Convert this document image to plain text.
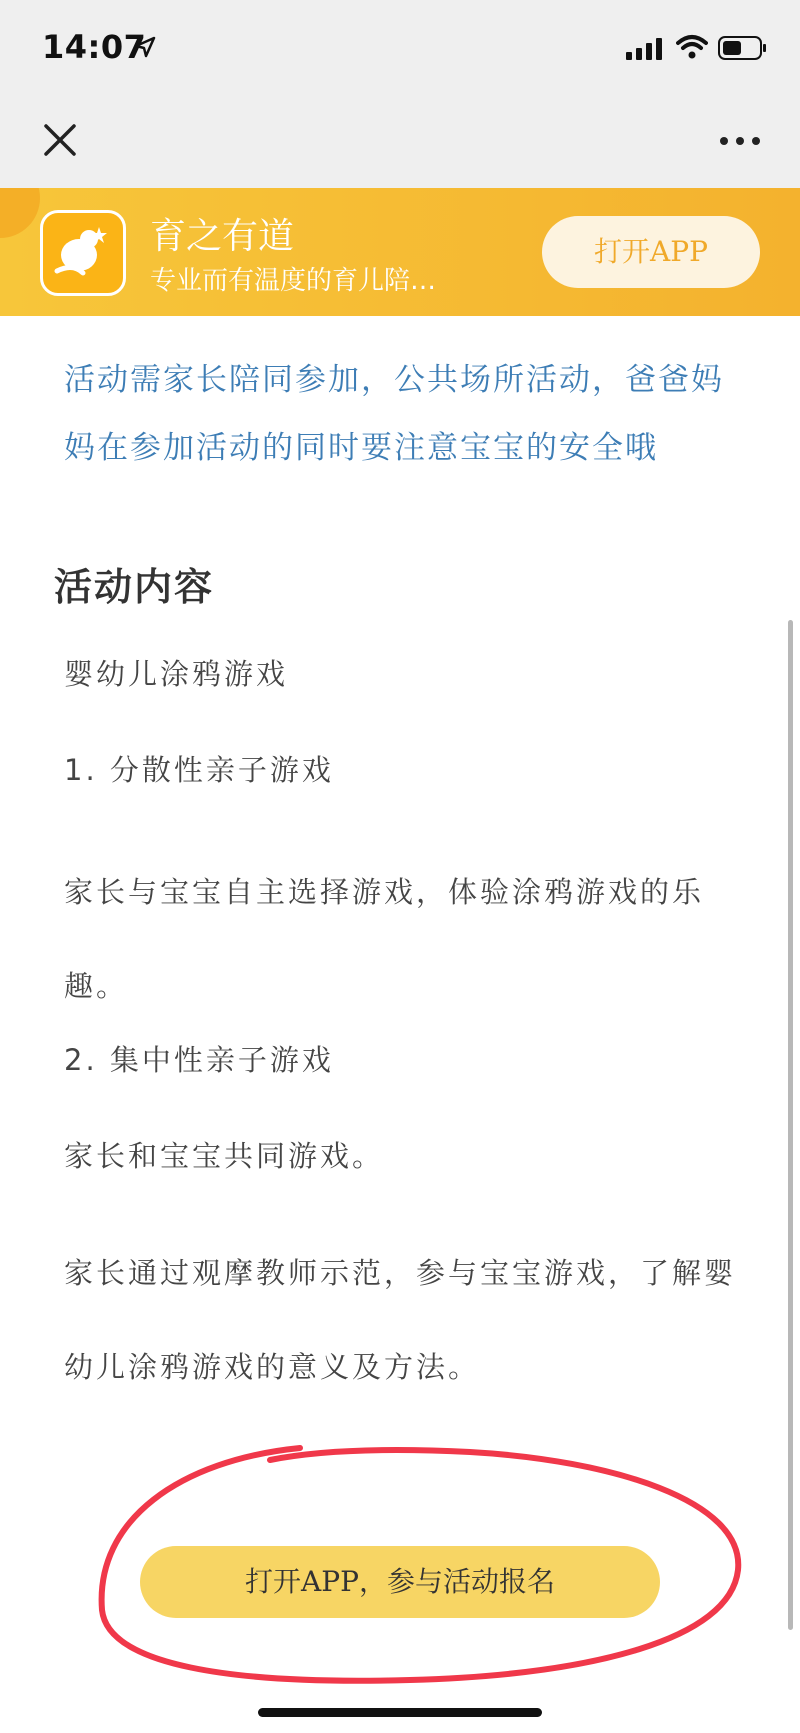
14:07
育之有道
专业而有温度的育儿陪…
打开APP
活动需家长陪同参加，公共场所活动，爸爸妈妈在参加活动的同时要注意宝宝的安全哦
活动内容
婴幼儿涂鸦游戏
1. 分散性亲子游戏
家长与宝宝自主选择游戏，体验涂鸦游戏的乐趣。
2. 集中性亲子游戏
家长和宝宝共同游戏。
家长通过观摩教师示范，参与宝宝游戏，了解婴幼儿涂鸦游戏的意义及方法。
打开APP，参与活动报名
